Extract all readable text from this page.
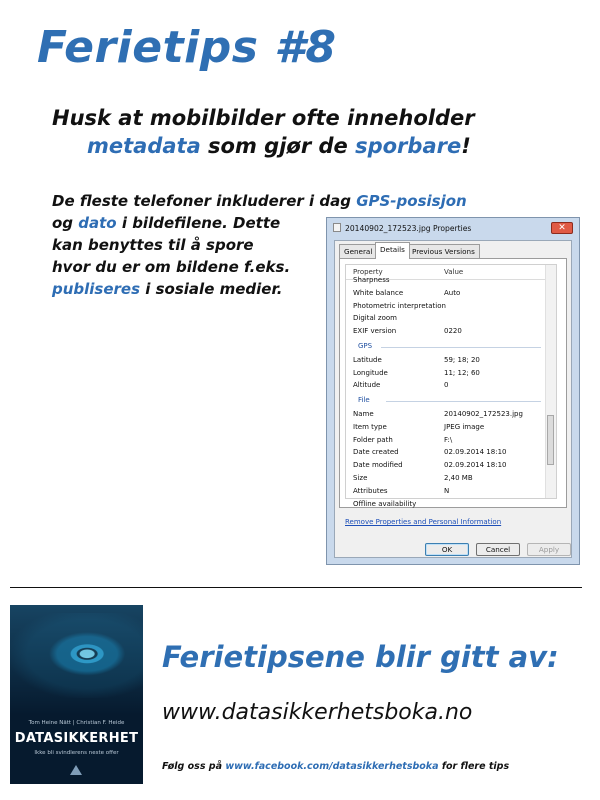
Ferietips #8
Husk at mobilbilder ofte inneholder
metadata som gjør de sporbare!
De fleste telefoner inkluderer i dag GPS-posisjon
og dato i bildefilene. Dette
kan benyttes til å spore
hvor du er om bildene f.eks.
publiseres i sosiale medier.
20140902_172523.jpg Properties	✕
General	Details Previous Versions
Property	Value
Sharpness
White balance	Auto
Photometric interpretation
Digital zoom
EXIF version	0220
GPS
Latitude	59; 18; 20
Longitude	11; 12; 60
Altitude	0
File
Name	20140902_172523.jpg
Item type	JPEG image
Folder path	F:\
Date created	02.09.2014 18:10
Date modified	02.09.2014 18:10
Size	2,40 MB
Attributes	N
Offline availability
Remove Properties and Personal Information
OK	Cancel	Apply
Tom Heine Nätt | Christian F. Heide
DATASIKKERHET
Ikke bli svindlerens neste offer
Ferietipsene blir gitt av:
www.datasikkerhetsboka.no
Følg oss på www.facebook.com/datasikkerhetsboka for flere tips
